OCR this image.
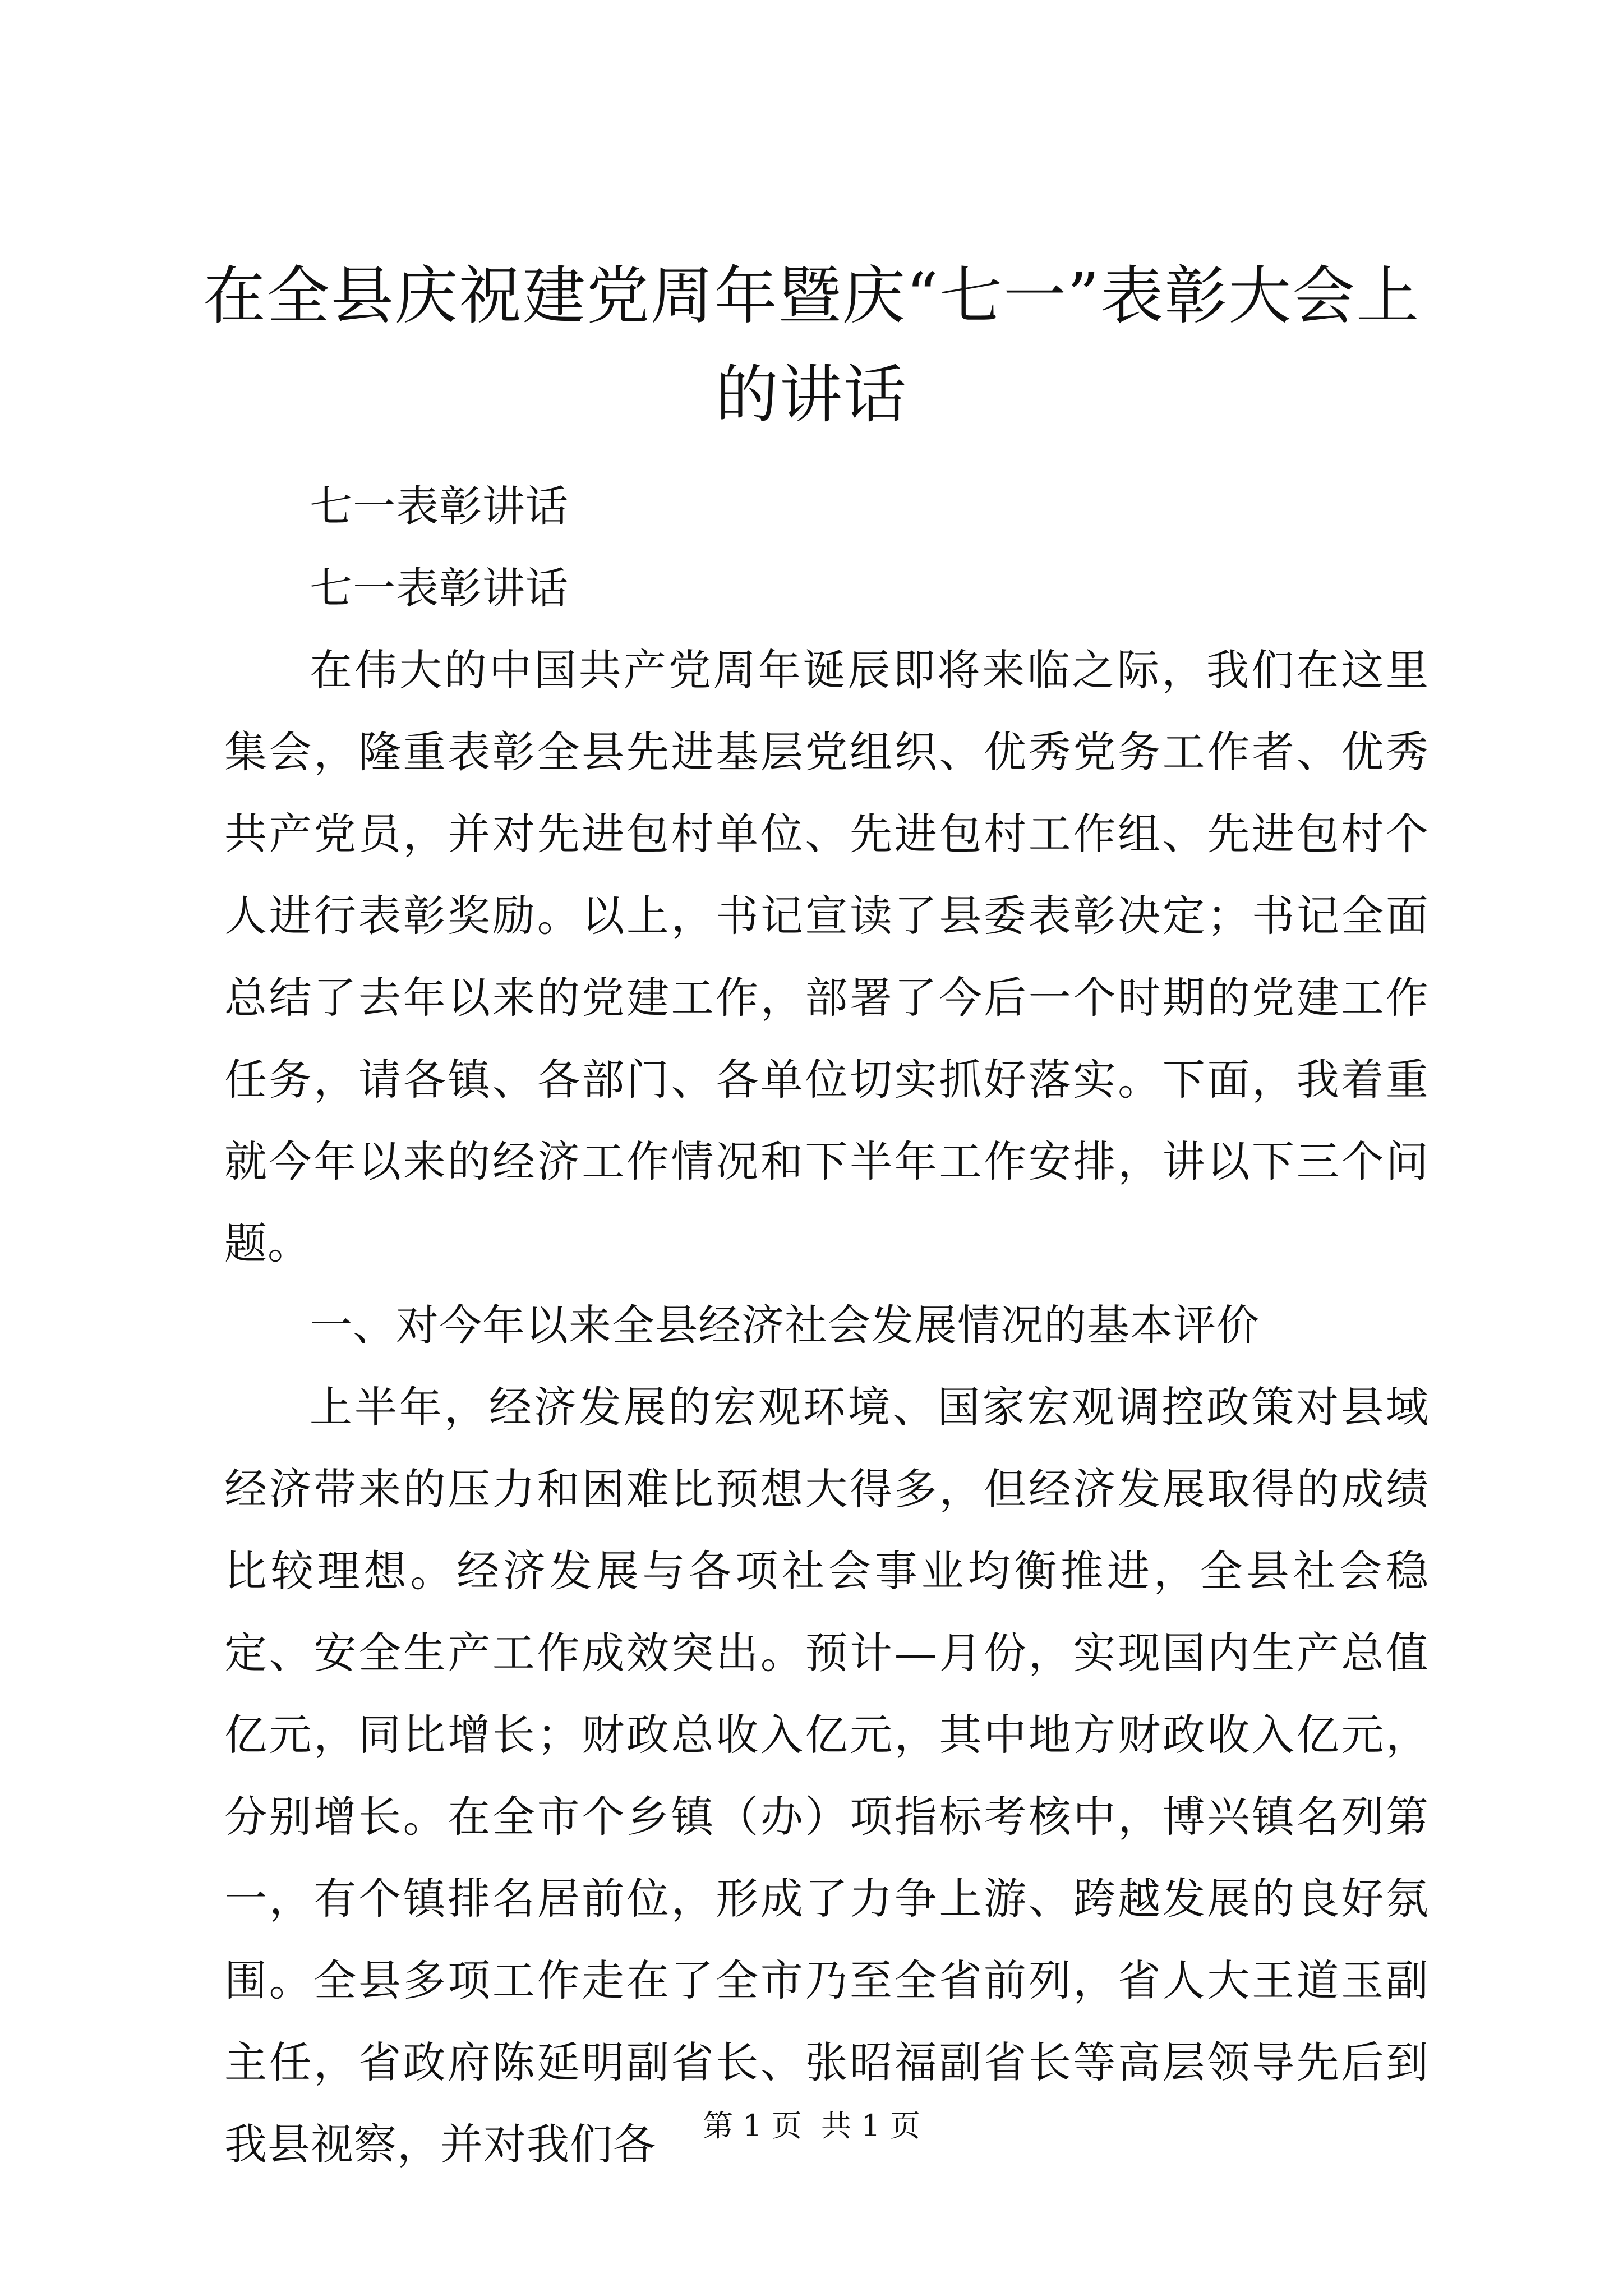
在全县庆祝建党周年暨庆“七一”表彰大会上的讲话

七一表彰讲话

七一表彰讲话

在伟大的中国共产党周年诞辰即将来临之际，我们在这里集会，隆重表彰全县先进基层党组织、优秀党务工作者、优秀共产党员，并对先进包村单位、先进包村工作组、先进包村个人进行表彰奖励。以上，书记宣读了县委表彰决定；书记全面总结了去年以来的党建工作，部署了今后一个时期的党建工作任务，请各镇、各部门、各单位切实抓好落实。下面，我着重就今年以来的经济工作情况和下半年工作安排，讲以下三个问题。

一、对今年以来全县经济社会发展情况的基本评价

上半年，经济发展的宏观环境、国家宏观调控政策对县域经济带来的压力和困难比预想大得多，但经济发展取得的成绩比较理想。经济发展与各项社会事业均衡推进，全县社会稳定、安全生产工作成效突出。预计—月份，实现国内生产总值亿元，同比增长；财政总收入亿元，其中地方财政收入亿元，分别增长。在全市个乡镇（办）项指标考核中，博兴镇名列第一，有个镇排名居前位，形成了力争上游、跨越发展的良好氛围。全县多项工作走在了全市乃至全省前列，省人大王道玉副主任，省政府陈延明副省长、张昭福副省长等高层领导先后到我县视察，并对我们各	第 1 页  共 1 页
